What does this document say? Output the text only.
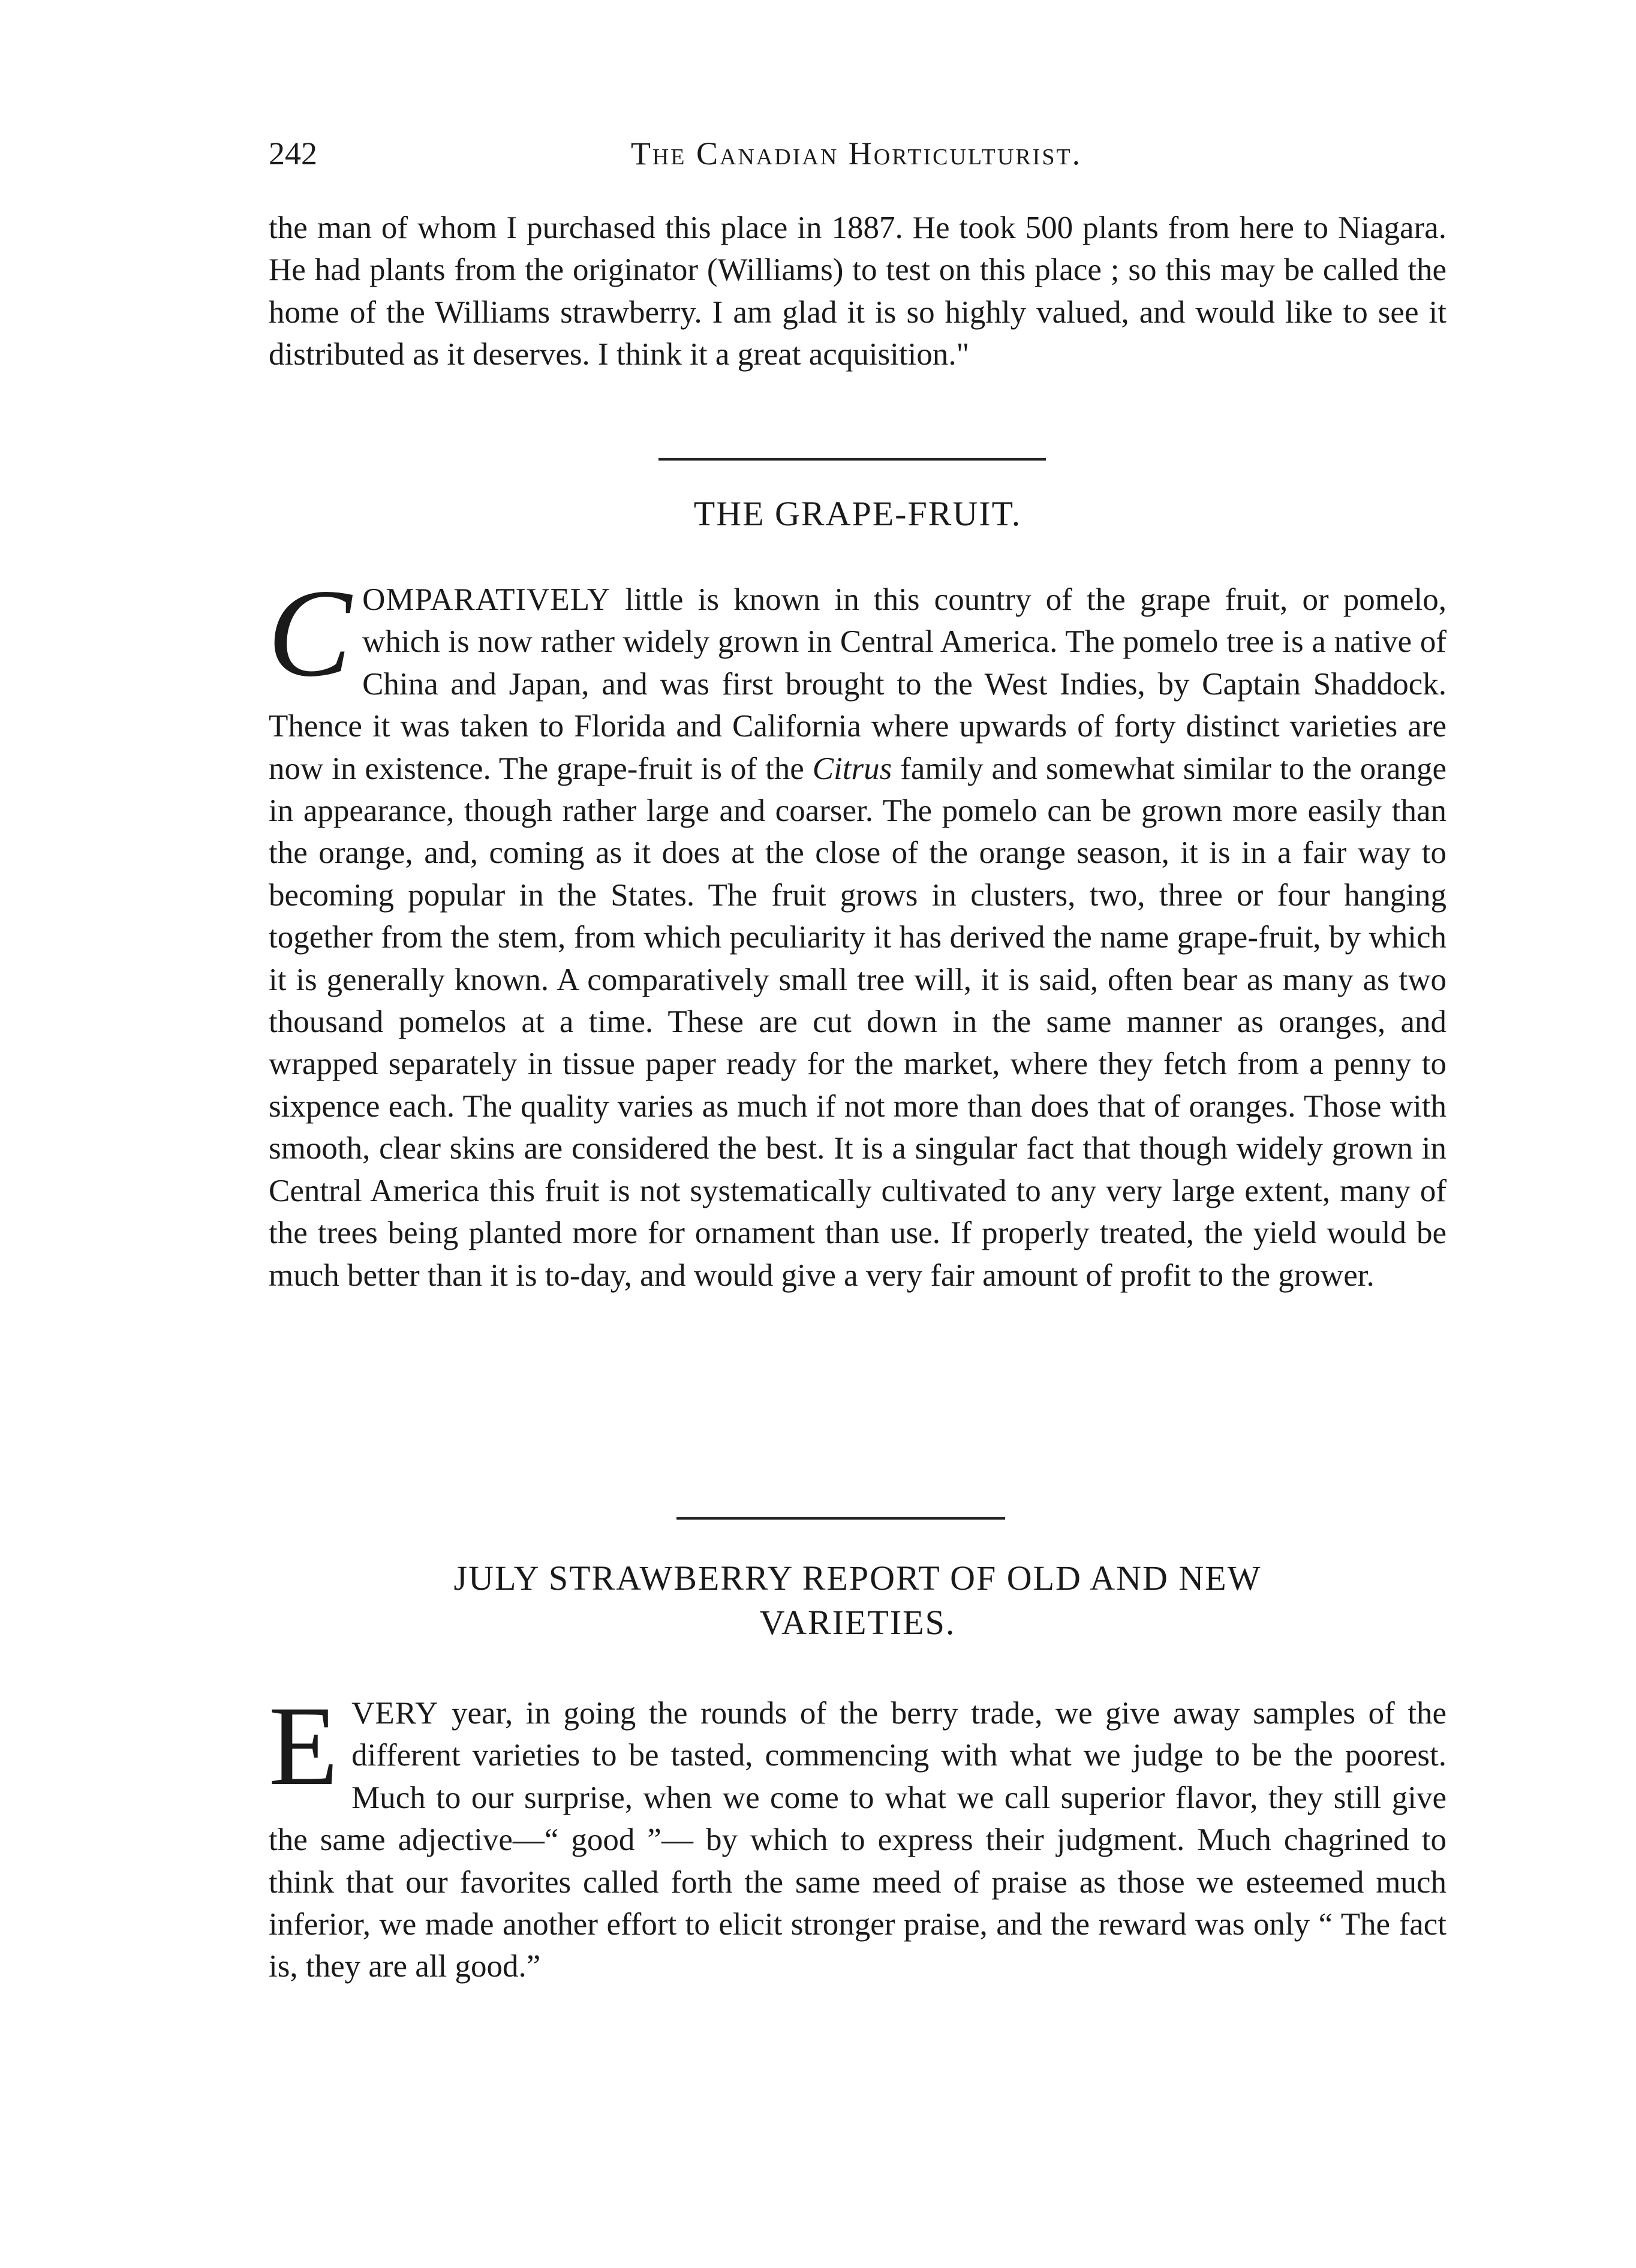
242	The Canadian Horticulturist.

the man of whom I purchased this place in 1887. He took 500 plants from here to Niagara. He had plants from the originator (Williams) to test on this place ; so this may be called the home of the Williams strawberry. I am glad it is so highly valued, and would like to see it distributed as it deserves. I think it a great acquisition."

THE GRAPE-FRUIT.

COMPARATIVELY little is known in this country of the grape fruit, or pomelo, which is now rather widely grown in Central America. The pomelo tree is a native of China and Japan, and was first brought to the West Indies, by Captain Shaddock. Thence it was taken to Florida and California where upwards of forty distinct varieties are now in existence. The grape-fruit is of the Citrus family and somewhat similar to the orange in appearance, though rather large and coarser. The pomelo can be grown more easily than the orange, and, coming as it does at the close of the orange season, it is in a fair way to becoming popular in the States. The fruit grows in clusters, two, three or four hanging together from the stem, from which peculiarity it has derived the name grape-fruit, by which it is generally known. A comparatively small tree will, it is said, often bear as many as two thousand pomelos at a time. These are cut down in the same manner as oranges, and wrapped separately in tissue paper ready for the market, where they fetch from a penny to sixpence each. The quality varies as much if not more than does that of oranges. Those with smooth, clear skins are considered the best. It is a singular fact that though widely grown in Central America this fruit is not systematically cultivated to any very large extent, many of the trees being planted more for ornament than use. If properly treated, the yield would be much better than it is to-day, and would give a very fair amount of profit to the grower.

JULY STRAWBERRY REPORT OF OLD AND NEW
VARIETIES.

EVERY year, in going the rounds of the berry trade, we give away samples of the different varieties to be tasted, commencing with what we judge to be the poorest. Much to our surprise, when we come to what we call superior flavor, they still give the same adjective—“ good ”— by which to express their judgment. Much chagrined to think that our favorites called forth the same meed of praise as those we esteemed much inferior, we made another effort to elicit stronger praise, and the reward was only “ The fact is, they are all good.”
